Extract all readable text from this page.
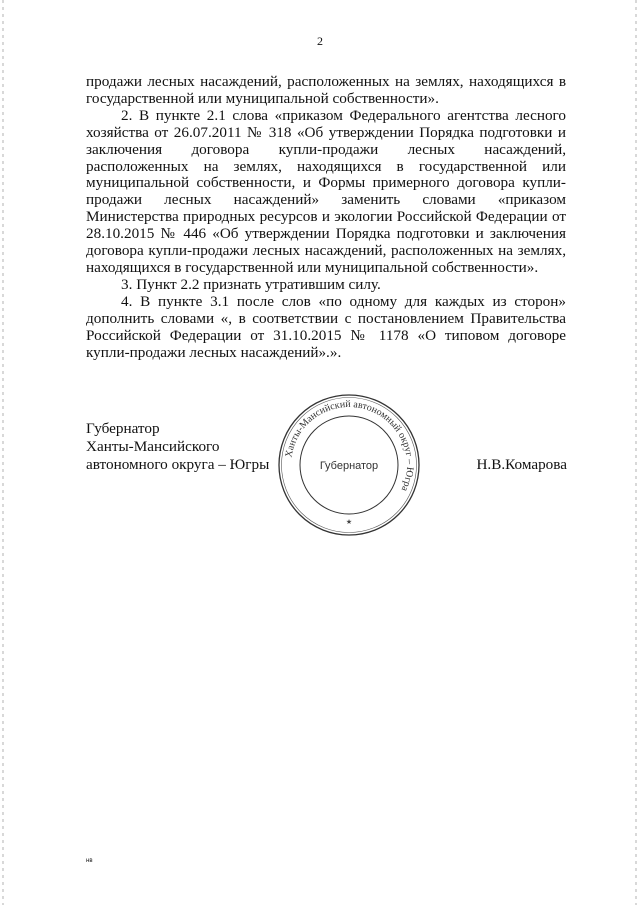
2

продажи лесных насаждений, расположенных на землях, находящихся в государственной или муниципальной собственности».

2. В пункте 2.1 слова «приказом Федерального агентства лесного хозяйства от 26.07.2011 № 318 «Об утверждении Порядка подготовки и заключения договора купли-продажи лесных насаждений, расположенных на землях, находящихся в государственной или муниципальной собственности, и Формы примерного договора купли-продажи лесных насаждений» заменить словами «приказом Министерства природных ресурсов и экологии Российской Федерации от 28.10.2015 № 446 «Об утверждении Порядка подготовки и заключения договора купли-продажи лесных насаждений, расположенных на землях, находящихся в государственной или муниципальной собственности».

3. Пункт 2.2 признать утратившим силу.

4. В пункте 3.1 после слов «по одному для каждых из сторон» дополнить словами «, в соответствии с постановлением Правительства Российской Федерации от 31.10.2015 № 1178 «О типовом договоре купли-продажи лесных насаждений».».

Губернатор
Ханты-Мансийского
автономного округа – Югры
Ханты-Мансийский автономный округ – Югра
Губернатор
★
Н.В.Комарова
нв
